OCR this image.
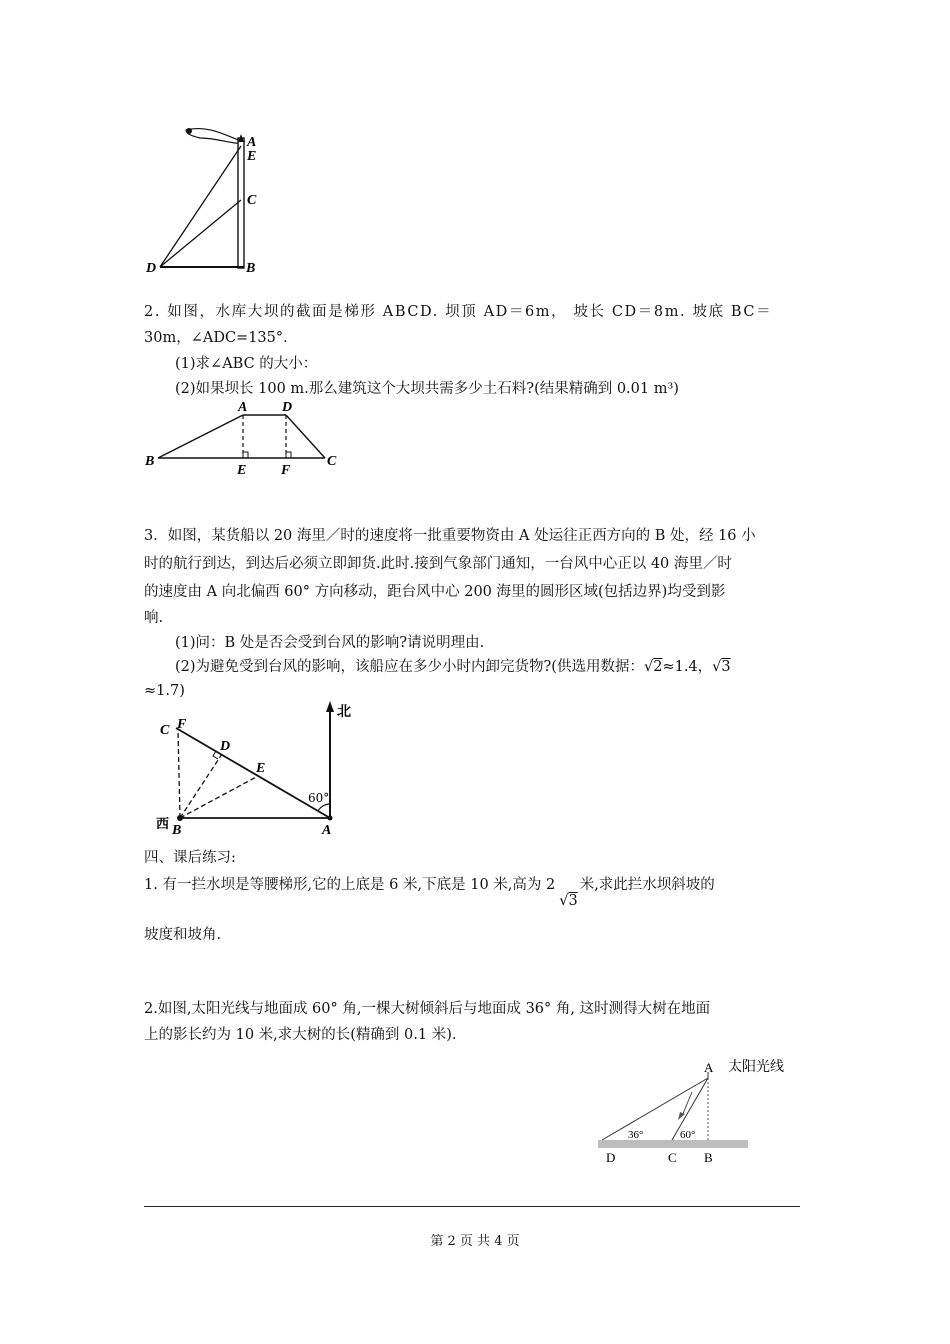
A
E
C
D	B
2. 如图，水库大坝的截面是梯形 ABCD. 坝顶 AD＝6m， 坡长 CD＝8m. 坡底 BC＝
30m，∠ADC=135°．
(1)求∠ABC 的大小：
(2)如果坝长 100 m.那么建筑这个大坝共需多少土石料?(结果精确到 0.01 m³)
A D
B
E F
C
3．如图，某货船以 20 海里／时的速度将一批重要物资由 A 处运往正西方向的 B 处，经 16 小
时的航行到达，到达后必须立即卸货.此时.接到气象部门通知，一台风中心正以 40 海里／时
的速度由 A 向北偏西 60° 方向移动，距台风中心 200 海里的圆形区域(包括边界)均受到影
响.
(1)问：B 处是否会受到台风的影响?请说明理由.
(2)为避免受到台风的影响，该船应在多少小时内卸完货物?(供选用数据：√2≈1.4，√3
≈1.7)
C F
D
E
北
西 B	A
60°
四、课后练习:
1. 有一拦水坝是等腰梯形,它的上底是 6 米,下底是 10 米,高为 2√3米,求此拦水坝斜坡的
坡度和坡角.
2.如图,太阳光线与地面成 60° 角,一棵大树倾斜后与地面成 36° 角, 这时测得大树在地面
上的影长约为 10 米,求大树的长(精确到 0.1 米).
A 太阳光线
36°	60°
D	C B
第 2 页 共 4 页
